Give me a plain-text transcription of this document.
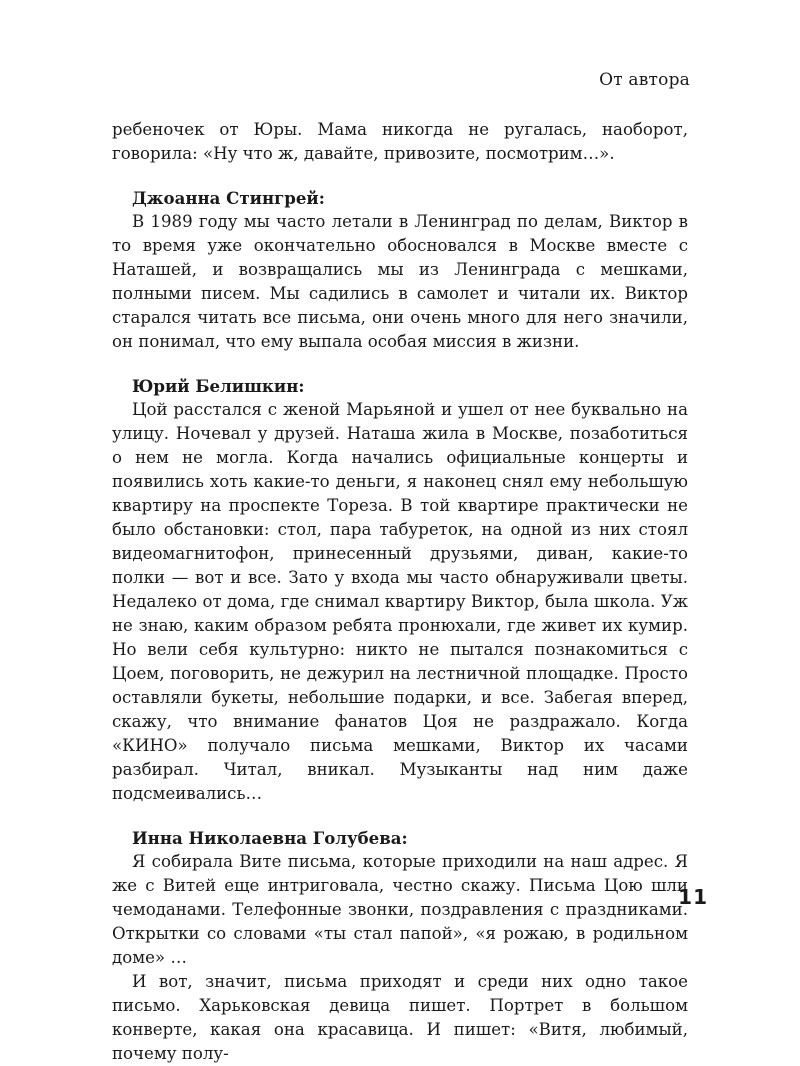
От автора

ребеночек от Юры. Мама никогда не ругалась, наоборот, говорила: «Ну что ж, давайте, привозите, посмотрим…».

Джоанна Стингрей:

В 1989 году мы часто летали в Ленинград по делам, Виктор в то время уже окончательно обосновался в Москве вместе с Наташей, и возвращались мы из Ленинграда с мешками, полными писем. Мы садились в самолет и читали их. Виктор старался читать все письма, они очень много для него значили, он понимал, что ему выпала особая миссия в жизни.

Юрий Белишкин:

Цой расстался с женой Марьяной и ушел от нее буквально на улицу. Ночевал у друзей. Наташа жила в Москве, позаботиться о нем не могла. Когда начались официальные концерты и появились хоть какие-то деньги, я наконец снял ему небольшую квартиру на проспекте Тореза. В той квартире практически не было обстановки: стол, пара табуреток, на одной из них стоял видеомагнитофон, принесенный друзьями, диван, какие-то полки — вот и все. Зато у входа мы часто обнаруживали цветы. Недалеко от дома, где снимал квартиру Виктор, была школа. Уж не знаю, каким образом ребята пронюхали, где живет их кумир. Но вели себя культурно: никто не пытался познакомиться с Цоем, поговорить, не дежурил на лестничной площадке. Просто оставляли букеты, небольшие подарки, и все. Забегая вперед, скажу, что внимание фанатов Цоя не раздражало. Когда «КИНО» получало письма мешками, Виктор их часами разбирал. Читал, вникал. Музыканты над ним даже подсмеивались…

Инна Николаевна Голубева:

Я собирала Вите письма, которые приходили на наш адрес. Я же с Витей еще интриговала, честно скажу. Письма Цою шли чемоданами. Телефонные звонки, поздравления с праздниками. Открытки со словами «ты стал папой», «я рожаю, в родильном доме» …

И вот, значит, письма приходят и среди них одно такое письмо. Харьковская девица пишет. Портрет в большом конверте, какая она красавица. И пишет: «Витя, любимый, почему полу-

11
